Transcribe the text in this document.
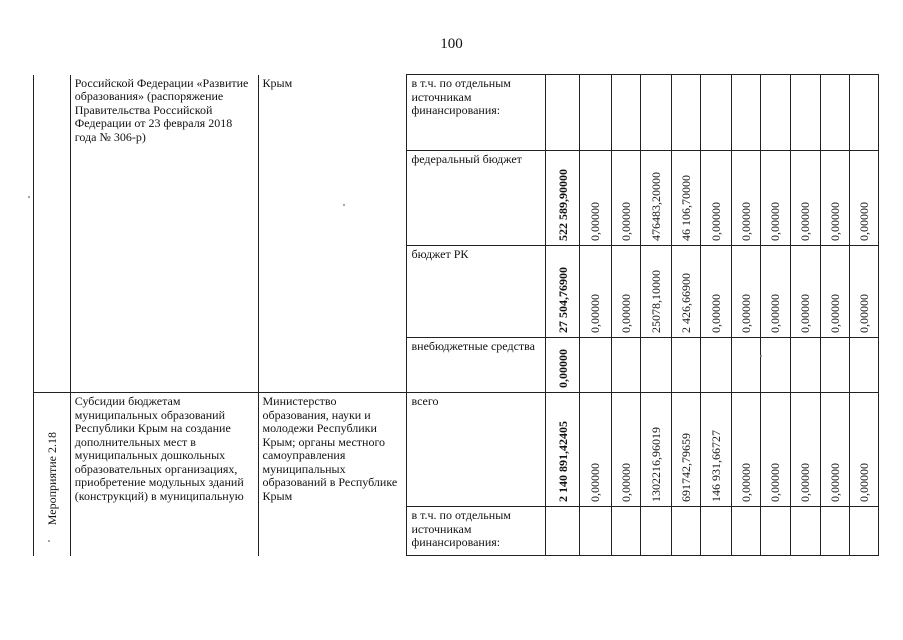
100
	Российской Федерации «Развитие образования» (распоряжение Правительства Российской Федерации от 23 февраля 2018 года № 306-р)	Крым	в т.ч. по отдельным источникам финансирования:											
			федеральный бюджет	522 589,90000	0,00000	0,00000	476483,20000	46 106,70000	0,00000	0,00000	0,00000	0,00000	0,00000	0,00000

			бюджет РК	27 504,76900	0,00000	0,00000	25078,10000	2 426,66900	0,00000	0,00000	0,00000	0,00000	0,00000	0,00000

			внебюджетные средства	0,00000										

Мероприятие 2.18	Субсидии бюджетам муниципальных образований Республики Крым на создание дополнительных мест в муниципальных дошкольных образовательных организациях, приобретение модульных зданий (конструкций) в муниципальную	Министерство образования, науки и молодежи Республики Крым; органы местного самоуправления муниципальных образований в Республике Крым	всего	2 140 891,42405	0,00000	0,00000	1302216,96019	691742,79659	146 931,66727	0,00000	0,00000	0,00000	0,00000	0,00000

			в т.ч. по отдельным источникам финансирования:											
